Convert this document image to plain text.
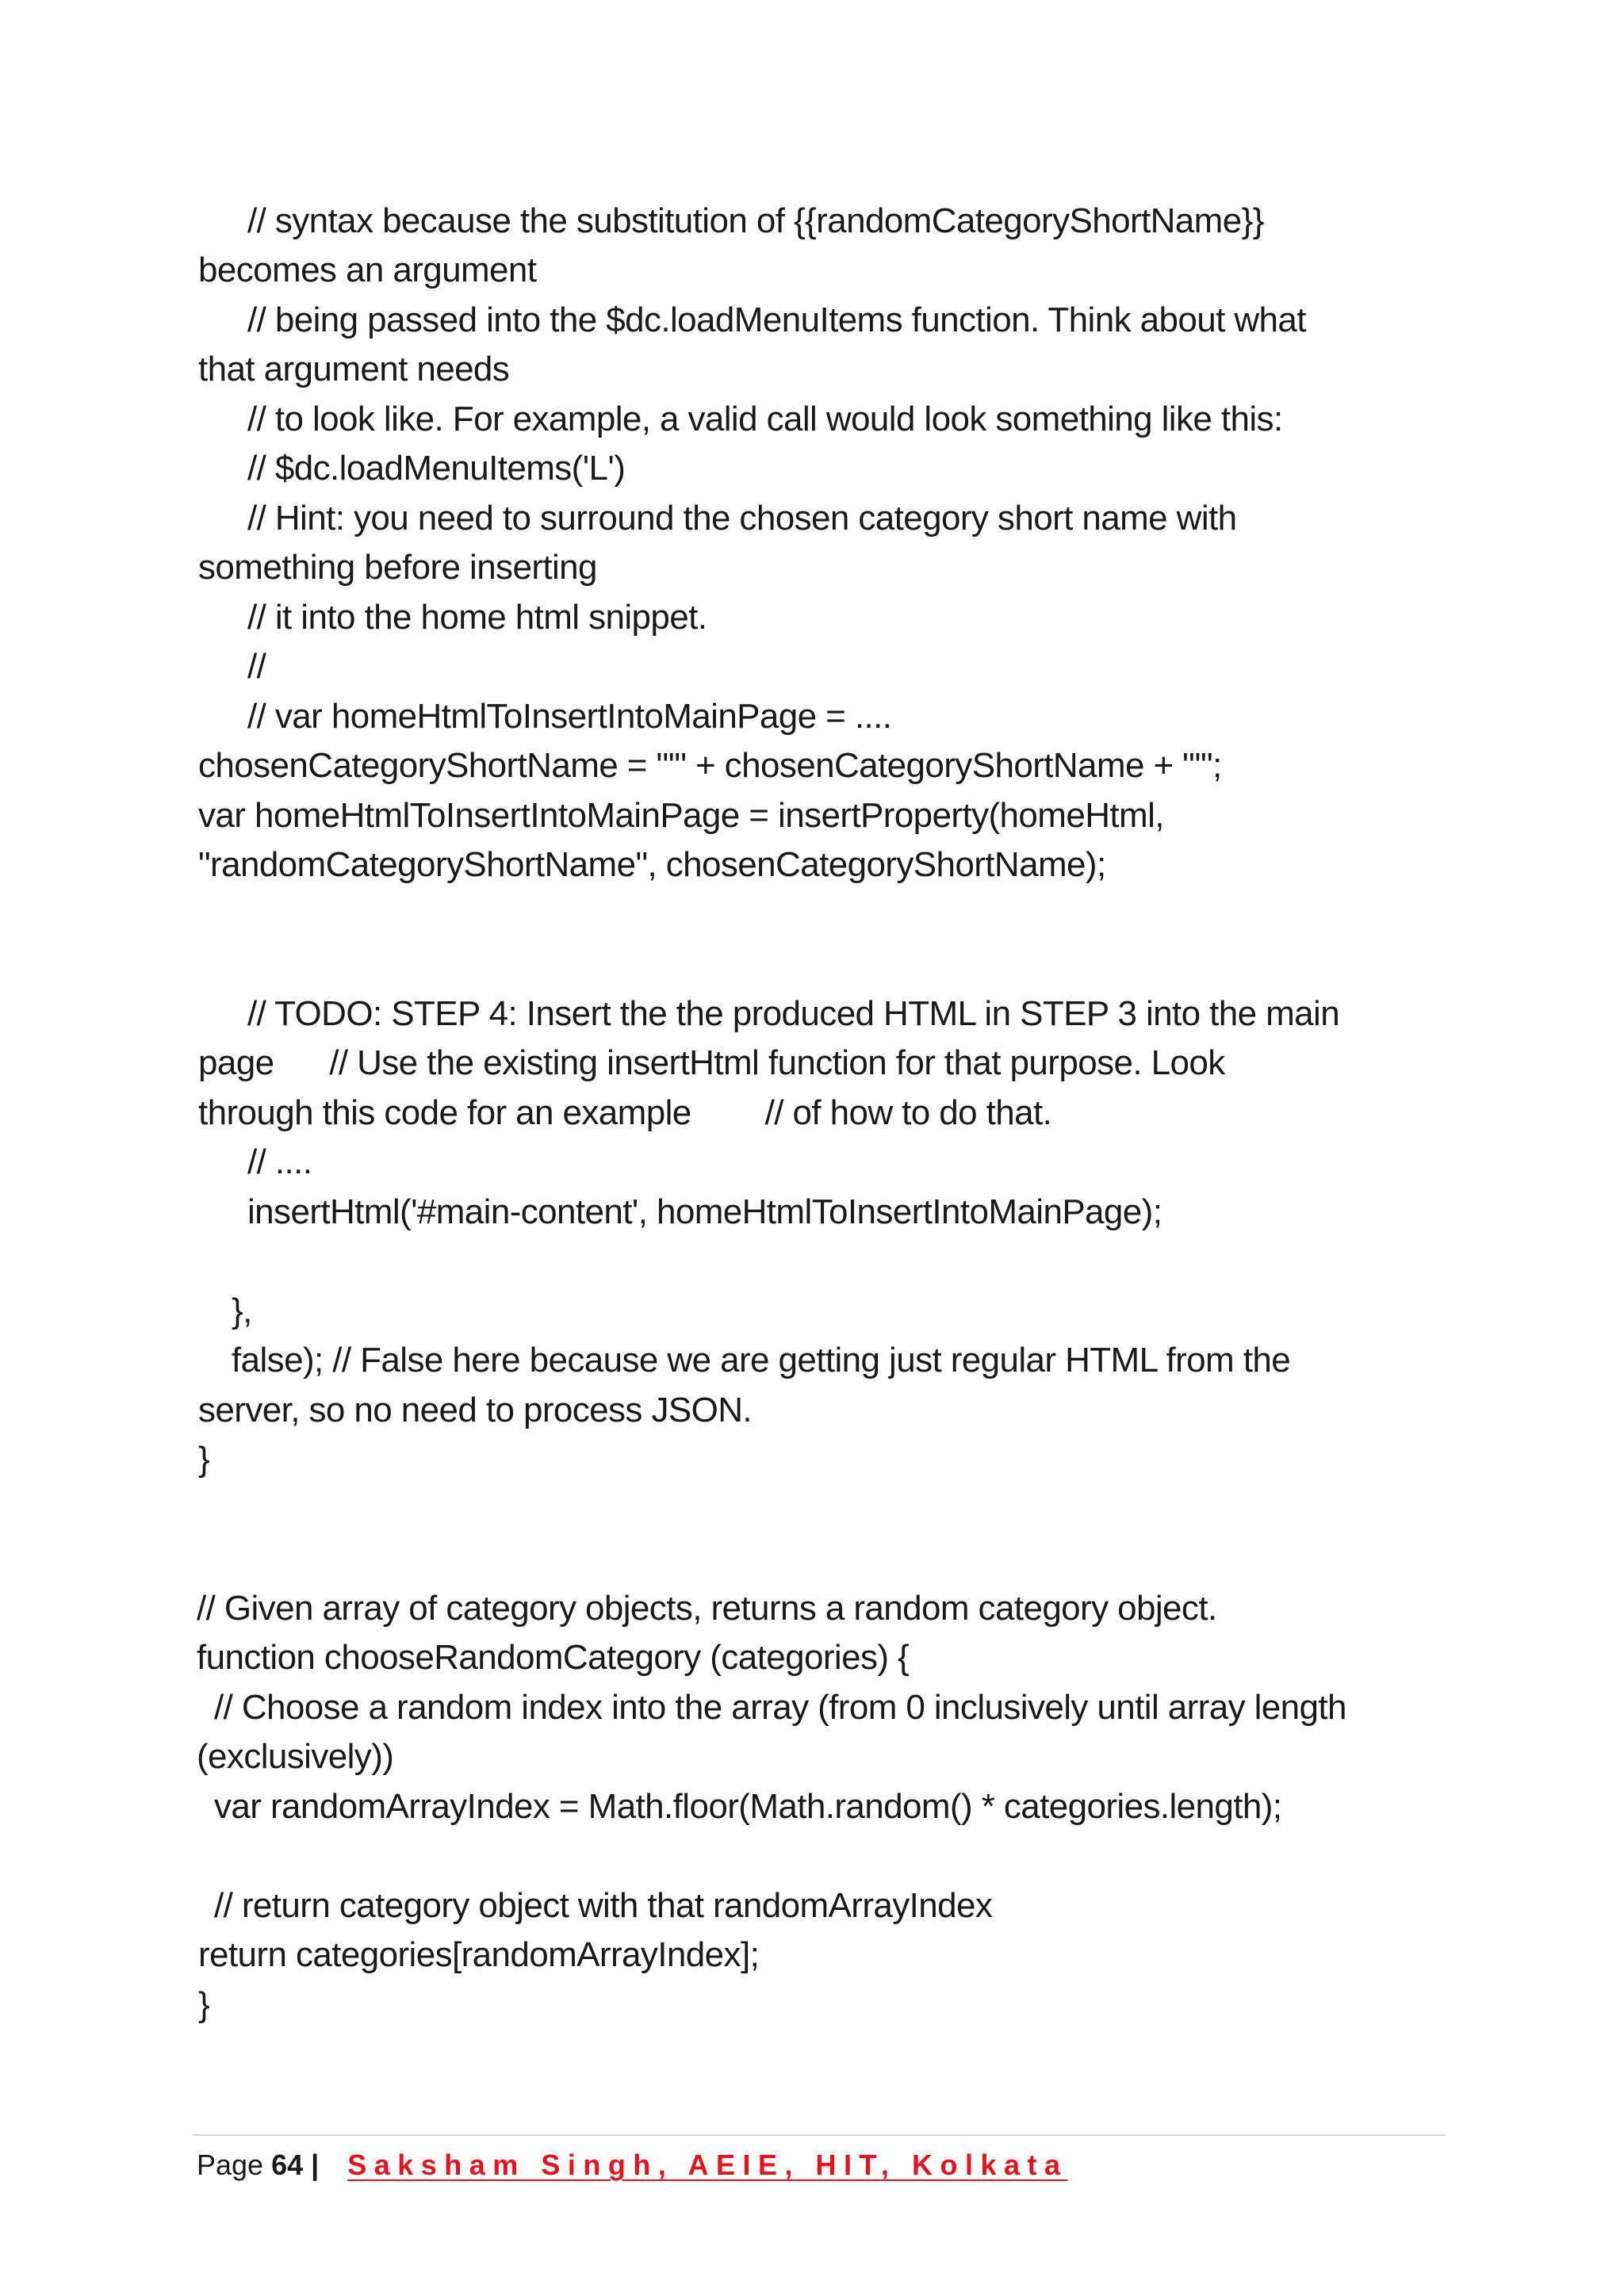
// syntax because the substitution of {{randomCategoryShortName}}
becomes an argument
// being passed into the $dc.loadMenuItems function. Think about what
that argument needs
// to look like. For example, a valid call would look something like this:
// $dc.loadMenuItems('L')
// Hint: you need to surround the chosen category short name with
something before inserting
// it into the home html snippet.
//
// var homeHtmlToInsertIntoMainPage = ....
chosenCategoryShortName = "'" + chosenCategoryShortName + "'";
var homeHtmlToInsertIntoMainPage = insertProperty(homeHtml,
"randomCategoryShortName", chosenCategoryShortName);
// TODO: STEP 4: Insert the the produced HTML in STEP 3 into the main
page      // Use the existing insertHtml function for that purpose. Look
through this code for an example        // of how to do that.
// ....
insertHtml('#main-content', homeHtmlToInsertIntoMainPage);
},
false); // False here because we are getting just regular HTML from the
server, so no need to process JSON.
}
// Given array of category objects, returns a random category object.
function chooseRandomCategory (categories) {
// Choose a random index into the array (from 0 inclusively until array length
(exclusively))
var randomArrayIndex = Math.floor(Math.random() * categories.length);
// return category object with that randomArrayIndex
return categories[randomArrayIndex];
}
Page 64 | Saksham Singh, AEIE, HIT, Kolkata
